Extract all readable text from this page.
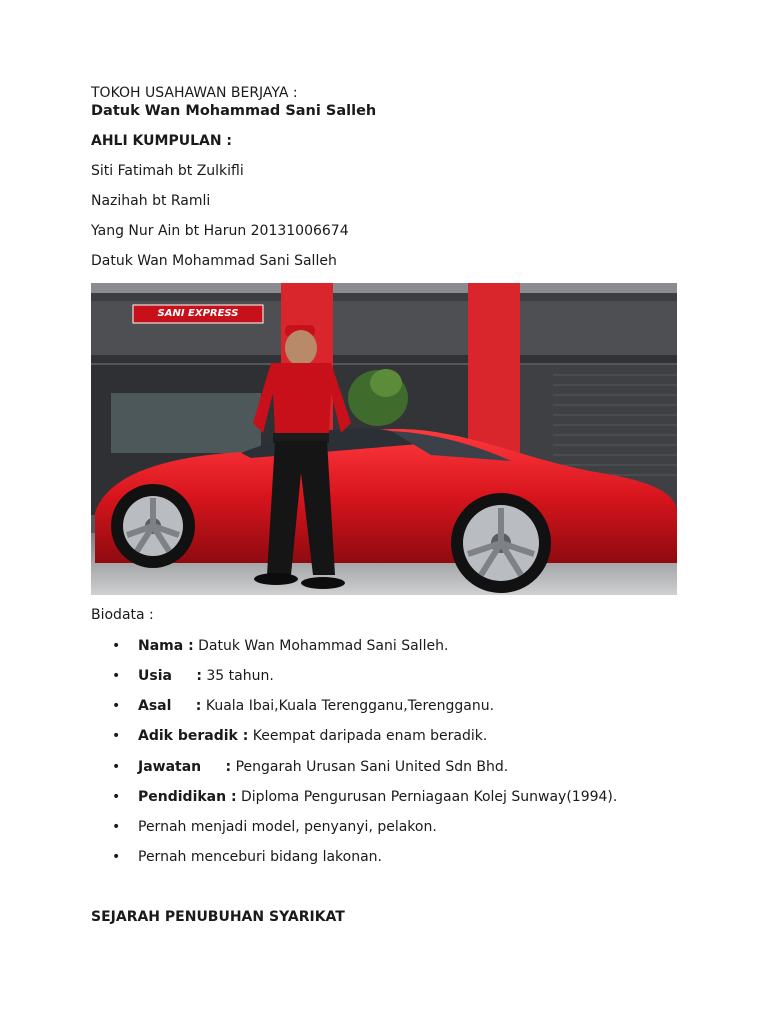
TOKOH USAHAWAN BERJAYA :
Datuk Wan Mohammad Sani Salleh
AHLI KUMPULAN :
Siti Fatimah bt Zulkifli
Nazihah bt Ramli
Yang Nur Ain bt Harun 20131006674
Datuk Wan Mohammad Sani Salleh
SANI EXPRESS
Biodata :
• Nama : Datuk Wan Mohammad Sani Salleh.
• Usia     : 35 tahun.
• Asal     : Kuala Ibai,Kuala Terengganu,Terengganu.
• Adik beradik : Keempat daripada enam beradik.
• Jawatan     : Pengarah Urusan Sani United Sdn Bhd.
• Pendidikan : Diploma Pengurusan Perniagaan Kolej Sunway(1994).
• Pernah menjadi model, penyanyi, pelakon.
• Pernah menceburi bidang lakonan.
SEJARAH PENUBUHAN SYARIKAT
